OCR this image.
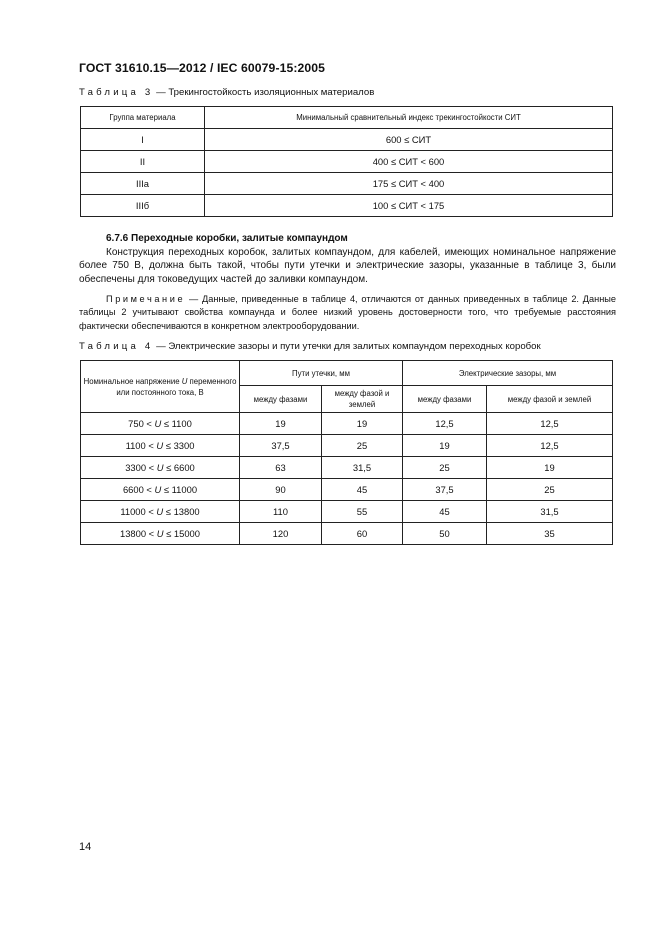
ГОСТ 31610.15—2012 / IEC 60079-15:2005
Таблица 3 — Трекингостойкость изоляционных материалов
Группа материала	Минимальный сравнительный индекс трекингостойкости СИТ
I	600 ≤ СИТ
II	400 ≤ СИТ < 600
IIIa	175 ≤ СИТ < 400
IIIб	100 ≤ СИТ < 175
6.7.6 Переходные коробки, залитые компаундом

Конструкция переходных коробок, залитых компаундом, для кабелей, имеющих номинальное напряжение более 750 В, должна быть такой, чтобы пути утечки и электрические зазоры, указанные в таблице 3, были обеспечены для токоведущих частей до заливки компаундом.

Примечание — Данные, приведенные в таблице 4, отличаются от данных приведенных в таблице 2. Данные таблицы 2 учитывают свойства компаунда и более низкий уровень достоверности того, что требуемые расстояния фактически обеспечиваются в конкретном электрооборудовании.

Таблица 4 — Электрические зазоры и пути утечки для залитых компаундом переходных коробок
Номинальное напряжение U переменного или постоянного тока, В	Пути утечки, мм		Электрические зазоры, мм	
	между фазами	между фазой и землей	между фазами	между фазой и землей
750 < U ≤ 1100	19	19	12,5	12,5
1100 < U ≤ 3300	37,5	25	19	12,5
3300 < U ≤ 6600	63	31,5	25	19
6600 < U ≤ 11000	90	45	37,5	25
11000 < U ≤ 13800	110	55	45	31,5
13800 < U ≤ 15000	120	60	50	35
14
